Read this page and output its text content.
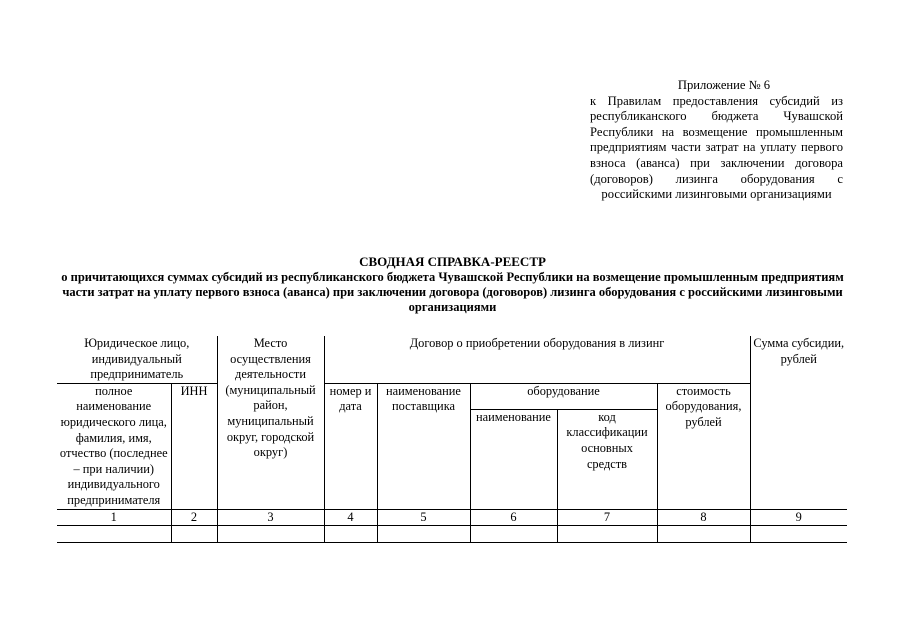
Приложение № 6
к Правилам предоставления субсидий из республиканского бюджета Чувашской Республики на возмещение промышленным предприятиям части затрат на уплату первого взноса (аванса) при заключении договора (договоров) лизинга оборудования с российскими лизинговыми организациями
СВОДНАЯ СПРАВКА-РЕЕСТР
о причитающихся суммах субсидий из республиканского бюджета Чувашской Республики на возмещение промышленным предприятиям части затрат на уплату первого взноса (аванса) при заключении договора (договоров) лизинга оборудования с российскими лизинговыми организациями
Юридическое лицо, индивидуальный предприниматель		Место осуществления деятельности (муниципальный район, муниципальный округ, городской округ)	Договор о приобретении оборудования в лизинг					Сумма субсидии, рублей
полное наименование юридического лица, фамилия, имя, отчество (последнее – при наличии) индивидуального предпринимателя	ИНН		номер и дата	наименование поставщика	оборудование		стоимость оборудования, рублей	
					наименование	код классификации основных средств		
1	2	3	4	5	6	7	8	9
